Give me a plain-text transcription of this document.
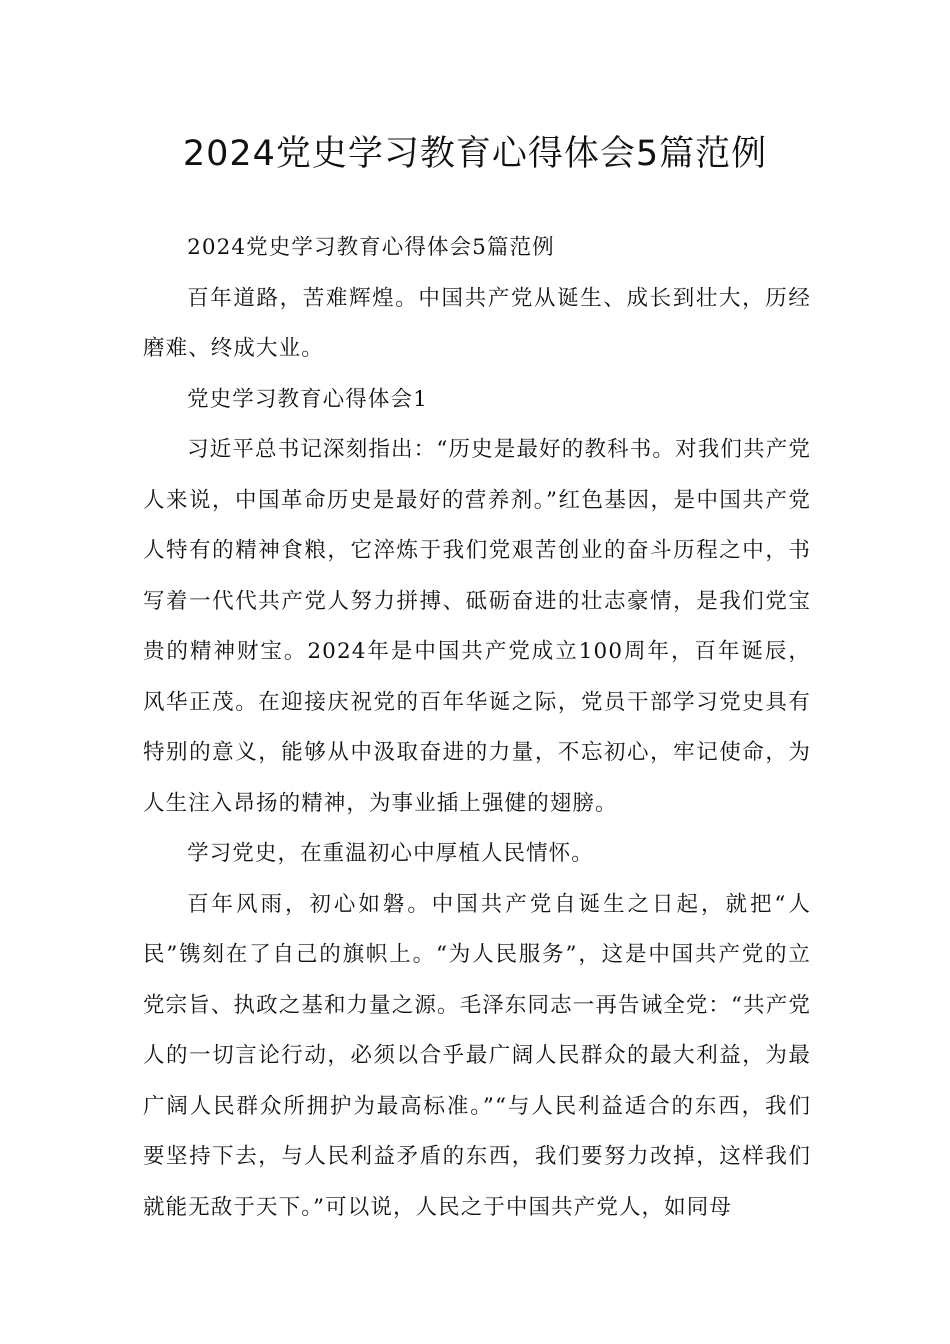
2024党史学习教育心得体会5篇范例

2024党史学习教育心得体会5篇范例

百年道路，苦难辉煌。中国共产党从诞生、成长到壮大，历经磨难、终成大业。

党史学习教育心得体会1

习近平总书记深刻指出：“历史是最好的教科书。对我们共产党人来说，中国革命历史是最好的营养剂。”红色基因，是中国共产党人特有的精神食粮，它淬炼于我们党艰苦创业的奋斗历程之中，书写着一代代共产党人努力拼搏、砥砺奋进的壮志豪情，是我们党宝贵的精神财宝。2024年是中国共产党成立100周年，百年诞辰，风华正茂。在迎接庆祝党的百年华诞之际，党员干部学习党史具有特别的意义，能够从中汲取奋进的力量，不忘初心，牢记使命，为人生注入昂扬的精神，为事业插上强健的翅膀。

学习党史，在重温初心中厚植人民情怀。

百年风雨，初心如磐。中国共产党自诞生之日起，就把“人民”镌刻在了自己的旗帜上。“为人民服务”，这是中国共产党的立党宗旨、执政之基和力量之源。毛泽东同志一再告诫全党：“共产党人的一切言论行动，必须以合乎最广阔人民群众的最大利益，为最广阔人民群众所拥护为最高标准。”“与人民利益适合的东西，我们要坚持下去，与人民利益矛盾的东西，我们要努力改掉，这样我们就能无敌于天下。”可以说，人民之于中国共产党人，如同母
